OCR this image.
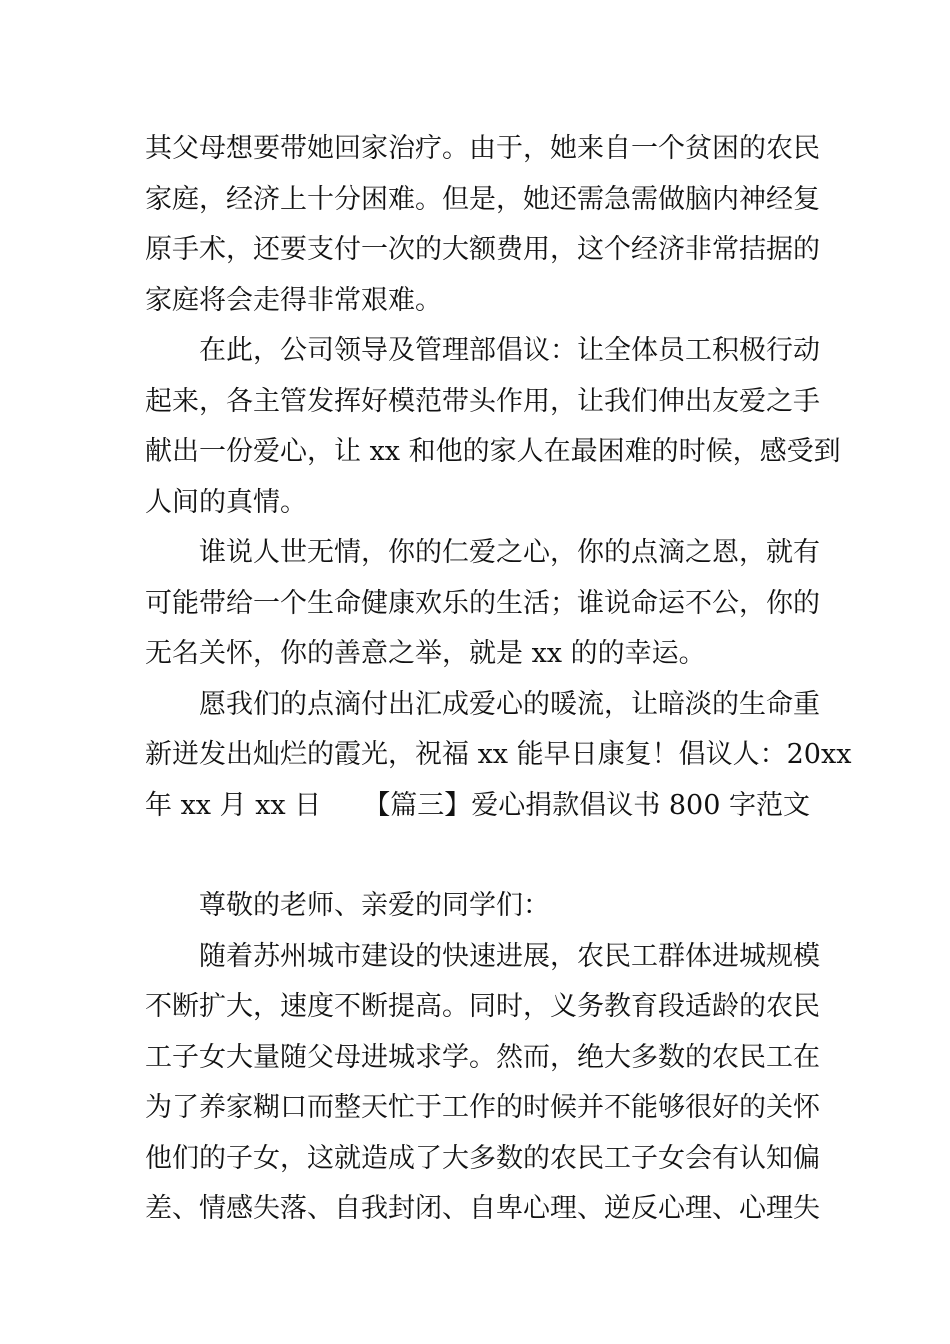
其父母想要带她回家治疗。由于，她来自一个贫困的农民
家庭，经济上十分困难。但是，她还需急需做脑内神经复
原手术，还要支付一次的大额费用，这个经济非常拮据的
家庭将会走得非常艰难。

在此，公司领导及管理部倡议：让全体员工积极行动

起来，各主管发挥好模范带头作用，让我们伸出友爱之手
献出一份爱心，让 xx 和他的家人在最困难的时候，感受到
人间的真情。

谁说人世无情，你的仁爱之心，你的点滴之恩，就有

可能带给一个生命健康欢乐的生活；谁说命运不公，你的
无名关怀，你的善意之举，就是 xx 的的幸运。

愿我们的点滴付出汇成爱心的暖流，让暗淡的生命重

新迸发出灿烂的霞光，祝福 xx 能早日康复！倡议人：20xx
年 xx 月 xx 日 【篇三】爱心捐款倡议书 800 字范文

尊敬的老师、亲爱的同学们：

随着苏州城市建设的快速进展，农民工群体进城规模

不断扩大，速度不断提高。同时，义务教育段适龄的农民
工子女大量随父母进城求学。然而，绝大多数的农民工在
为了养家糊口而整天忙于工作的时候并不能够很好的关怀
他们的子女，这就造成了大多数的农民工子女会有认知偏
差、情感失落、自我封闭、自卑心理、逆反心理、心理失
